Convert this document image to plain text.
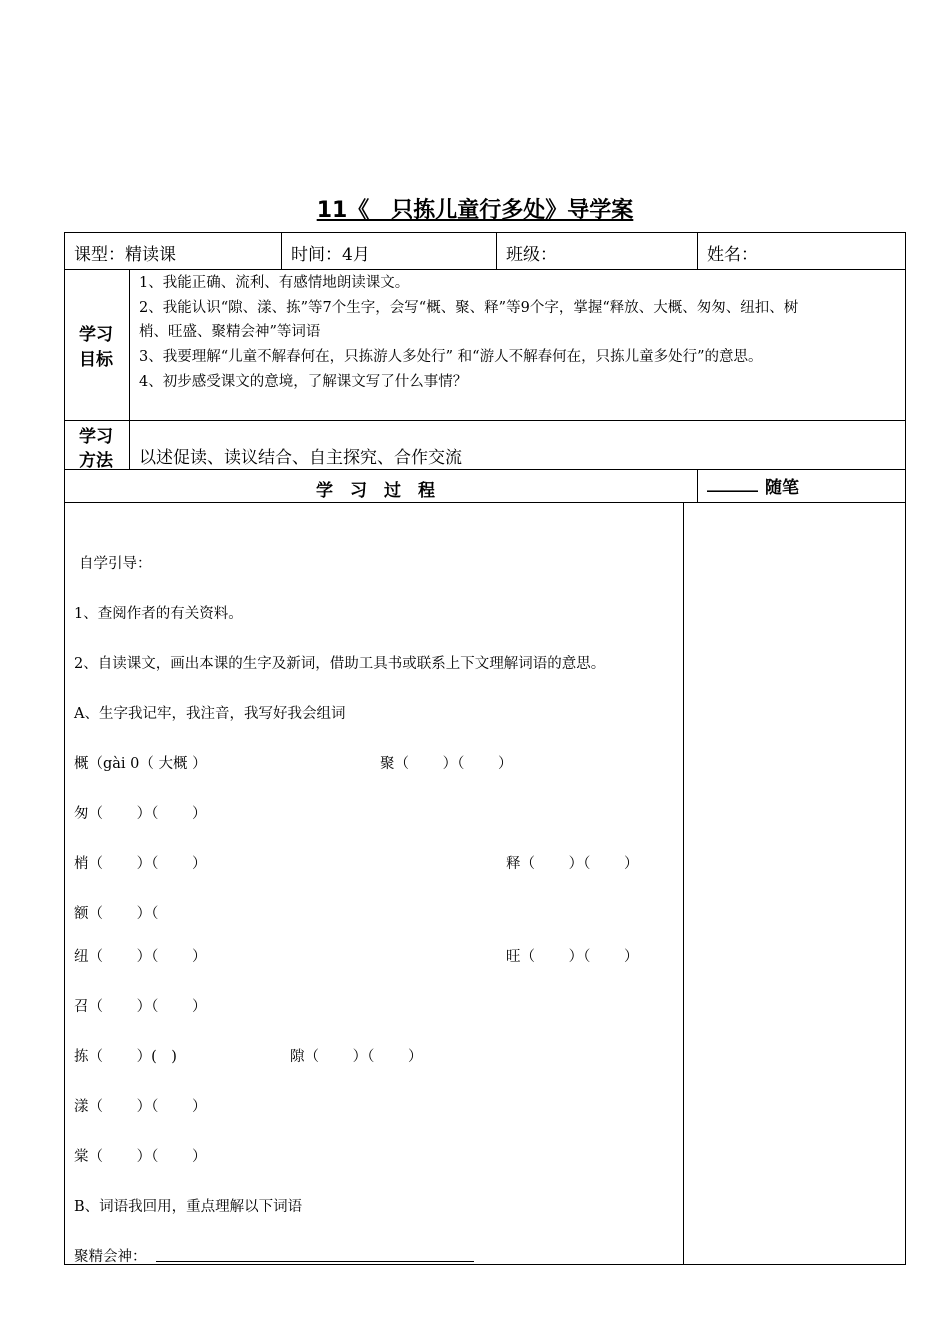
11《　只拣儿童行多处》导学案
课型：精读课	时间：4月	班级：	姓名：
学习
目标
1、我能正确、流利、有感情地朗读课文。
2、我能认识“隙、漾、拣”等7个生字，会写“概、聚、释”等9个字，掌握“释放、大概、匆匆、纽扣、树
梢、旺盛、聚精会神”等词语
3、我要理解“儿童不解春何在，只拣游人多处行” 和“游人不解春何在，只拣儿童多处行”的意思。
4、初步感受课文的意境，了解课文写了什么事情？
学习
方法 以述促读、读议结合、自主探究、合作交流
学　习　过　程	______ 随笔
自学引导：
1、查阅作者的有关资料。
2、自读课文，画出本课的生字及新词，借助工具书或联系上下文理解词语的意思。
A、生字我记牢，我注音，我写好我会组词
概（gài 0（ 大概 ）	聚（　　 ）（　　 ）
匆（　　 ）（　　 ）
梢（　　 ）（　　 ）	释（　　 ）（　　 ）
额（　　 ）（
纽（　　 ）（　　 ）	旺（　　 ）（　　 ）
召（　　 ）（　　 ）
拣（　　 ）(　)	隙（　　 ）（　　 ）
漾（　　 ）（　　 ）
棠（　　 ）（　　 ）
B、词语我回用，重点理解以下词语
聚精会神：
